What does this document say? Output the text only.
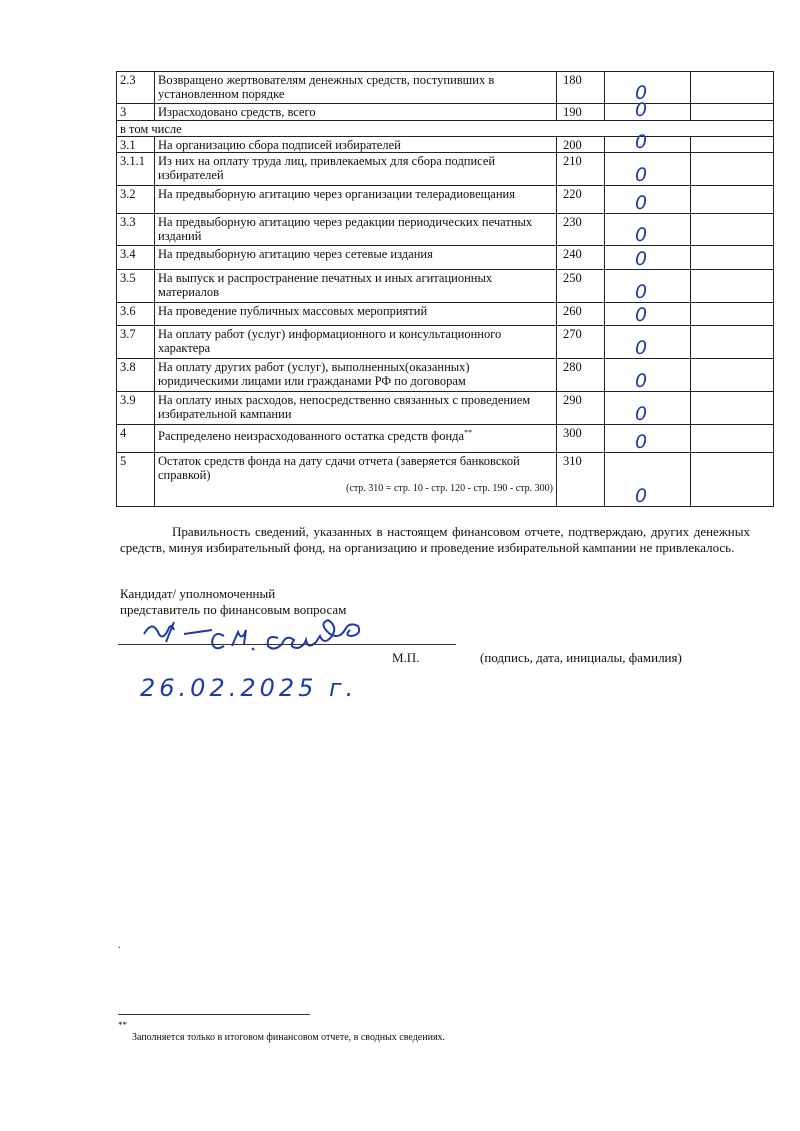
2.3	Возвращено жертвователям денежных средств, поступивших в установленном порядке	180	0	

3	Израсходовано средств, всего	190	0	

в том числе				
3.1	На организацию сбора подписей избирателей	200	0	

3.1.1	Из них на оплату труда лиц, привлекаемых для сбора подписей избирателей	210	0	

3.2	На предвыборную агитацию через организации телерадиовещания	220	0	

3.3	На предвыборную агитацию через редакции периодических печатных изданий	230	0	

3.4	На предвыборную агитацию через сетевые издания	240	0	

3.5	На выпуск и распространение печатных и иных агитационных материалов	250	0	

3.6	На проведение публичных массовых мероприятий	260	0	

3.7	На оплату работ (услуг) информационного и консультационного характера	270	0	

3.8	На оплату других работ (услуг), выполненных(оказанных) юридическими лицами или гражданами РФ по договорам	280	0	

3.9	На оплату иных расходов, непосредственно связанных с проведением избирательной кампании	290	0	

4	Распределено неизрасходованного остатка средств фонда**	300	0	

5	Остаток средств фонда на дату сдачи отчета (заверяется банковской справкой)
(стр. 310 = стр. 10 - стр. 120 - стр. 190 - стр. 300)	310	0	

Правильность сведений, указанных в настоящем финансовом отчете, подтверждаю, других денежных средств, минуя избирательный фонд, на организацию и проведение избирательной кампании не привлекалось.
Кандидат/ уполномоченный
представитель по финансовым вопросам
М.П.	(подпись, дата, инициалы, фамилия)
26.02.2025 г.
.
**
Заполняется только в итоговом финансовом отчете, в сводных сведениях.
